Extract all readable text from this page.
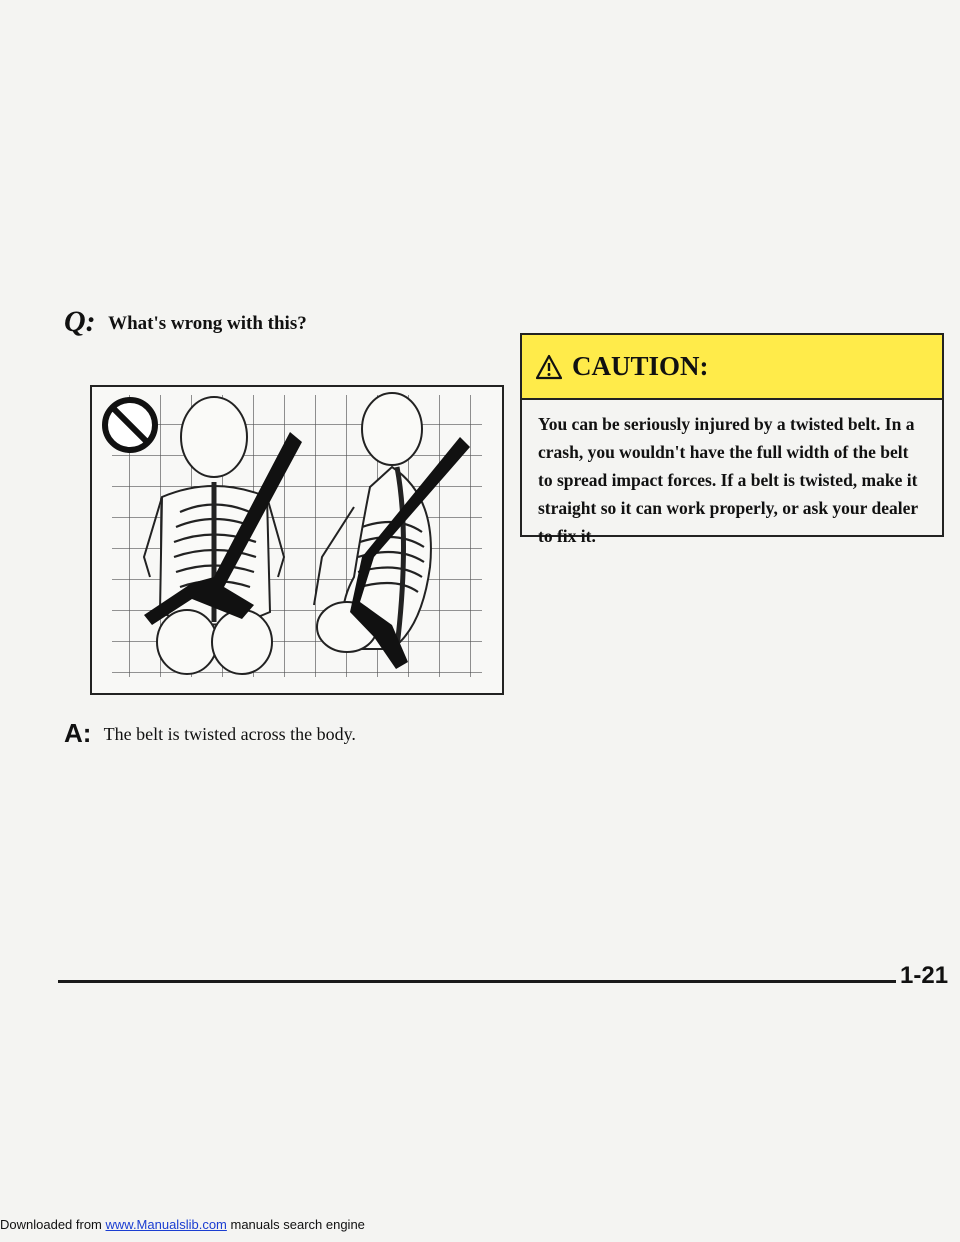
Q: What's wrong with this?
A: The belt is twisted across the body.
CAUTION:
You can be seriously injured by a twisted belt. In a crash, you wouldn't have the full width of the belt to spread impact forces. If a belt is twisted, make it straight so it can work properly, or ask your dealer to fix it.
1-21
Downloaded from www.Manualslib.com manuals search engine
